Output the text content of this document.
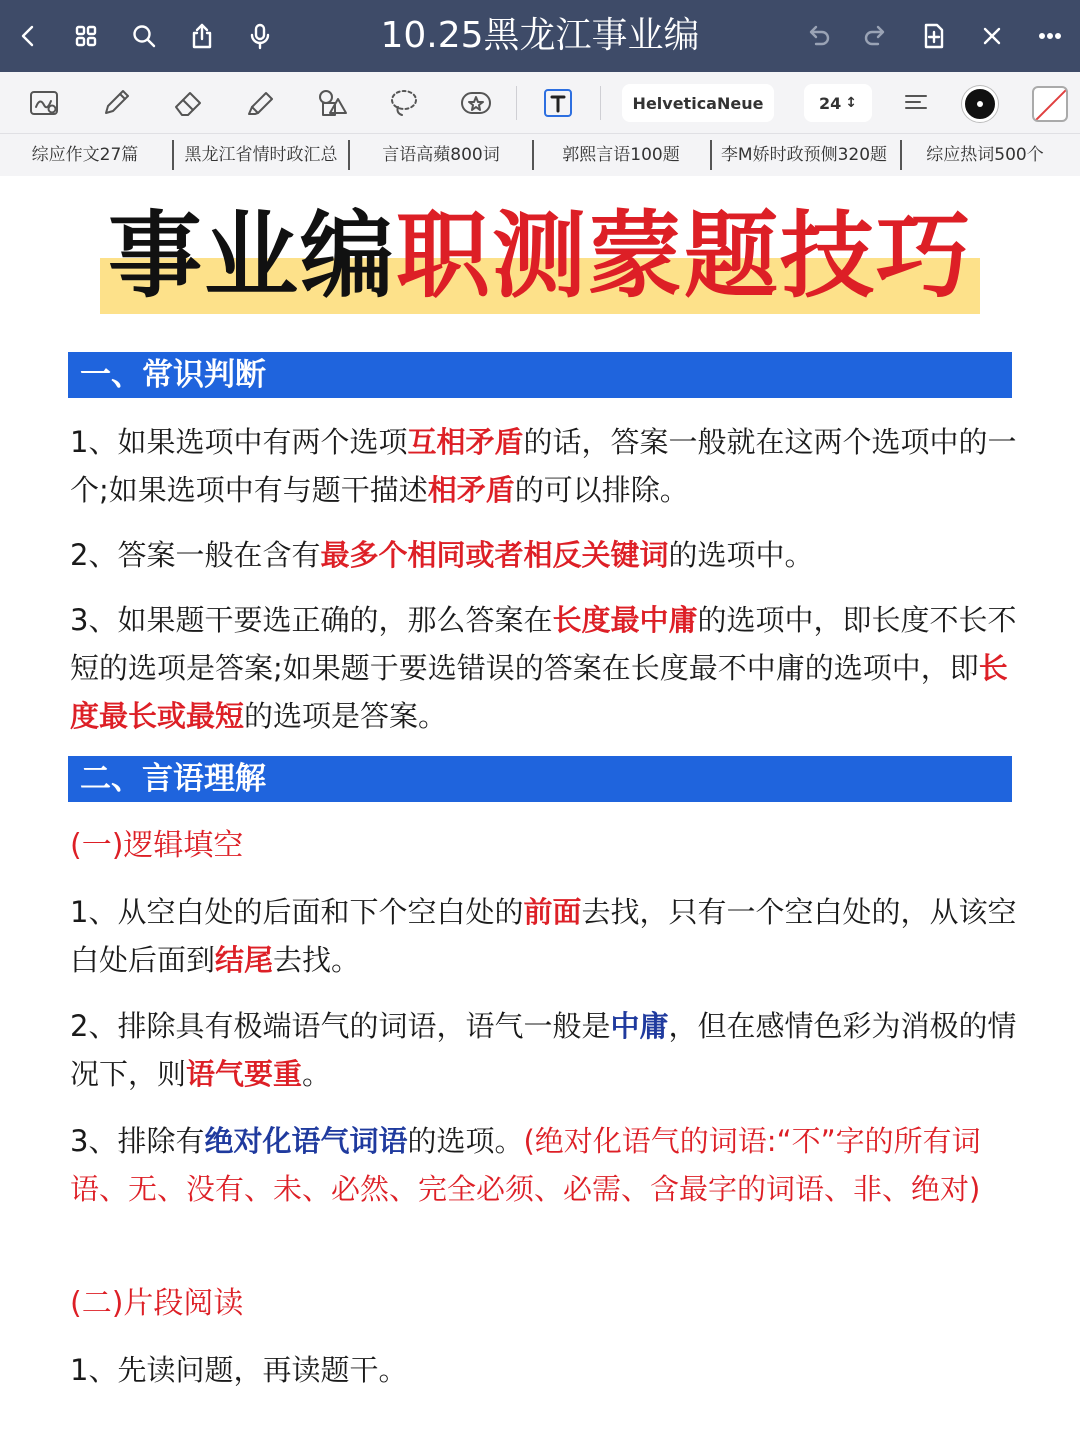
10.25黑龙江事业编
HelveticaNeue	24 ↕
综应作文27篇	黑龙江省情时政汇总	言语高蘋800词	郭熙言语100题	李M娇时政预侧320题	综应热词500个
事业编职测蒙题技巧
一、常识判断
1、如果选项中有两个选项互相矛盾的话，答案一般就在这两个选项中的一个;如果选项中有与题干描述相矛盾的可以排除。
2、答案一般在含有最多个相同或者相反关键词的选项中。
3、如果题干要选正确的，那么答案在长度最中庸的选项中，即长度不长不短的选项是答案;如果题于要选错误的答案在长度最不中庸的选项中，即长度最长或最短的选项是答案。
二、言语理解
(一)逻辑填空
1、从空白处的后面和下个空白处的前面去找，只有一个空白处的，从该空白处后面到结尾去找。
2、排除具有极端语气的词语，语气一般是中庸，但在感情色彩为消极的情况下，则语气要重。
3、排除有绝对化语气词语的选项。(绝对化语气的词语:“不”字的所有词语、无、没有、未、必然、完全必须、必需、含最字的词语、非、绝对)
(二)片段阅读
1、先读问题，再读题干。
